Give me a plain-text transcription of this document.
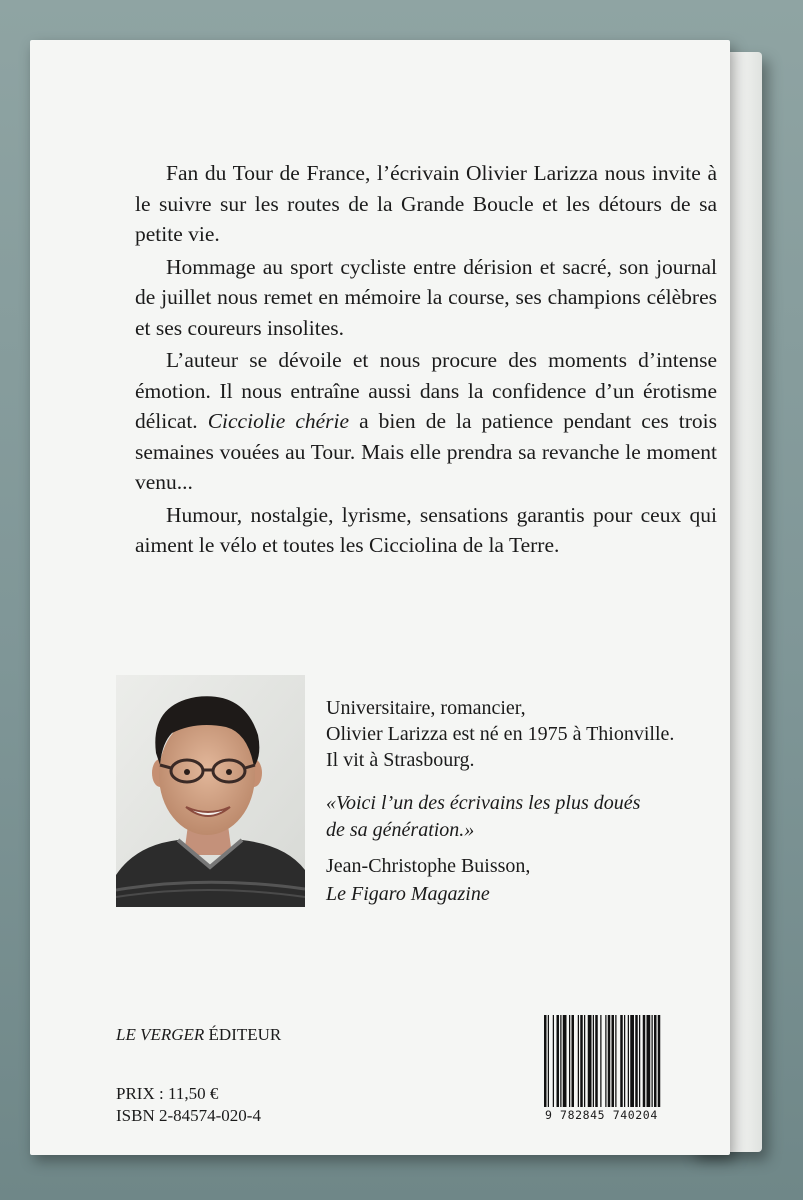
Fan du Tour de France, l’écrivain Olivier Larizza nous invite à le suivre sur les routes de la Grande Boucle et les détours de sa petite vie.

Hommage au sport cycliste entre dérision et sacré, son journal de juillet nous remet en mémoire la course, ses champions célèbres et ses coureurs insolites.

L’auteur se dévoile et nous procure des moments d’intense émotion. Il nous entraîne aussi dans la confidence d’un érotisme délicat. Cicciolie chérie a bien de la patience pendant ces trois semaines vouées au Tour. Mais elle prendra sa revanche le moment venu...

Humour, nostalgie, lyrisme, sensations garantis pour ceux qui aiment le vélo et toutes les Cicciolina de la Terre.

Universitaire, romancier,
Olivier Larizza est né en 1975 à Thionville.
Il vit à Strasbourg.
«Voici l’un des écrivains les plus doués
de sa génération.»
Jean-Christophe Buisson,
Le Figaro Magazine
LE VERGER ÉDITEUR
PRIX : 11,50 €
ISBN 2-84574-020-4	9 782845 740204
